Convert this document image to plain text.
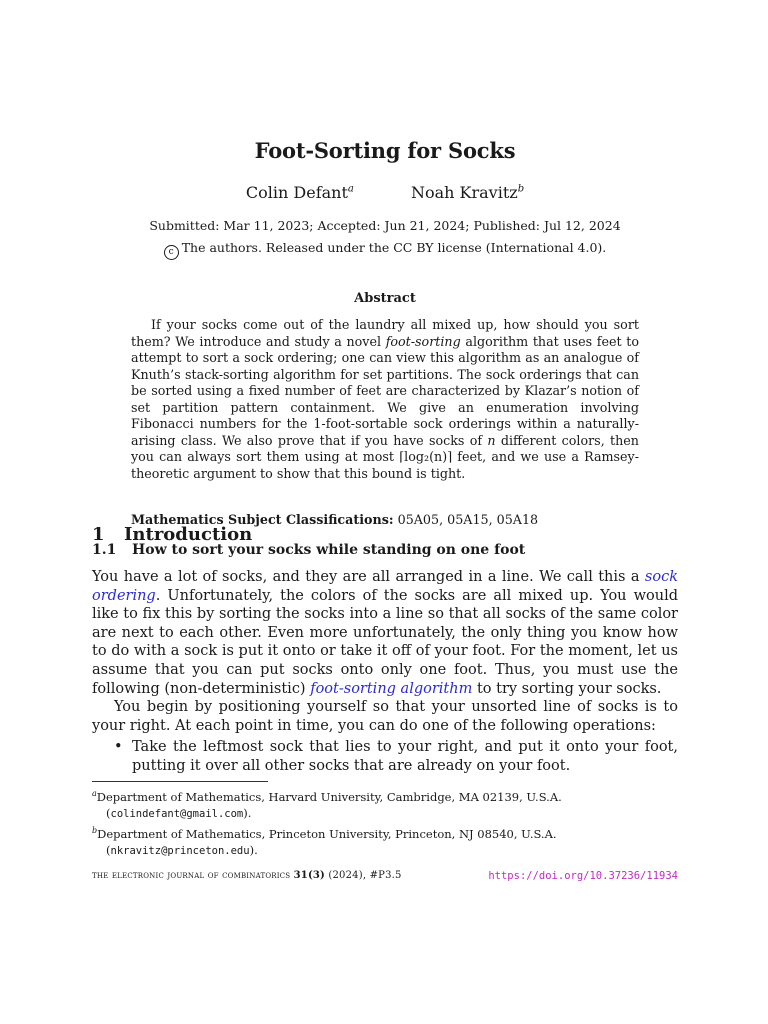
Foot-Sorting for Socks
Colin Defant$^a$	Noah Kravitz$^b$
Submitted: Mar 11, 2023; Accepted: Jun 21, 2024; Published: Jul 12, 2024
c The authors. Released under the CC BY license (International 4.0).
Abstract

If your socks come out of the laundry all mixed up, how should you sort them? We introduce and study a novel foot-sorting algorithm that uses feet to attempt to sort a sock ordering; one can view this algorithm as an analogue of Knuth’s stack-sorting algorithm for set partitions. The sock orderings that can be sorted using a fixed number of feet are characterized by Klazar’s notion of set partition pattern containment. We give an enumeration involving Fibonacci numbers for the 1-foot-sortable sock orderings within a naturally-arising class. We also prove that if you have socks of n different colors, then you can always sort them using at most ⌈log₂(n)⌉ feet, and we use a Ramsey-theoretic argument to show that this bound is tight.

Mathematics Subject Classifications: 05A05, 05A15, 05A18
1 Introduction
1.1 How to sort your socks while standing on one foot

You have a lot of socks, and they are all arranged in a line. We call this a sock ordering. Unfortunately, the colors of the socks are all mixed up. You would like to fix this by sorting the socks into a line so that all socks of the same color are next to each other. Even more unfortunately, the only thing you know how to do with a sock is put it onto or take it off of your foot. For the moment, let us assume that you can put socks onto only one foot. Thus, you must use the following (non-deterministic) foot-sorting algorithm to try sorting your socks.

You begin by positioning yourself so that your unsorted line of socks is to your right. At each point in time, you can do one of the following operations:

• Take the leftmost sock that lies to your right, and put it onto your foot, putting it over all other socks that are already on your foot.

$^a$Department of Mathematics, Harvard University, Cambridge, MA 02139, U.S.A.
(colindefant@gmail.com).

$^b$Department of Mathematics, Princeton University, Princeton, NJ 08540, U.S.A.
(nkravitz@princeton.edu).

the electronic journal of combinatorics 31(3) (2024), #P3.5	https://doi.org/10.37236/11934
